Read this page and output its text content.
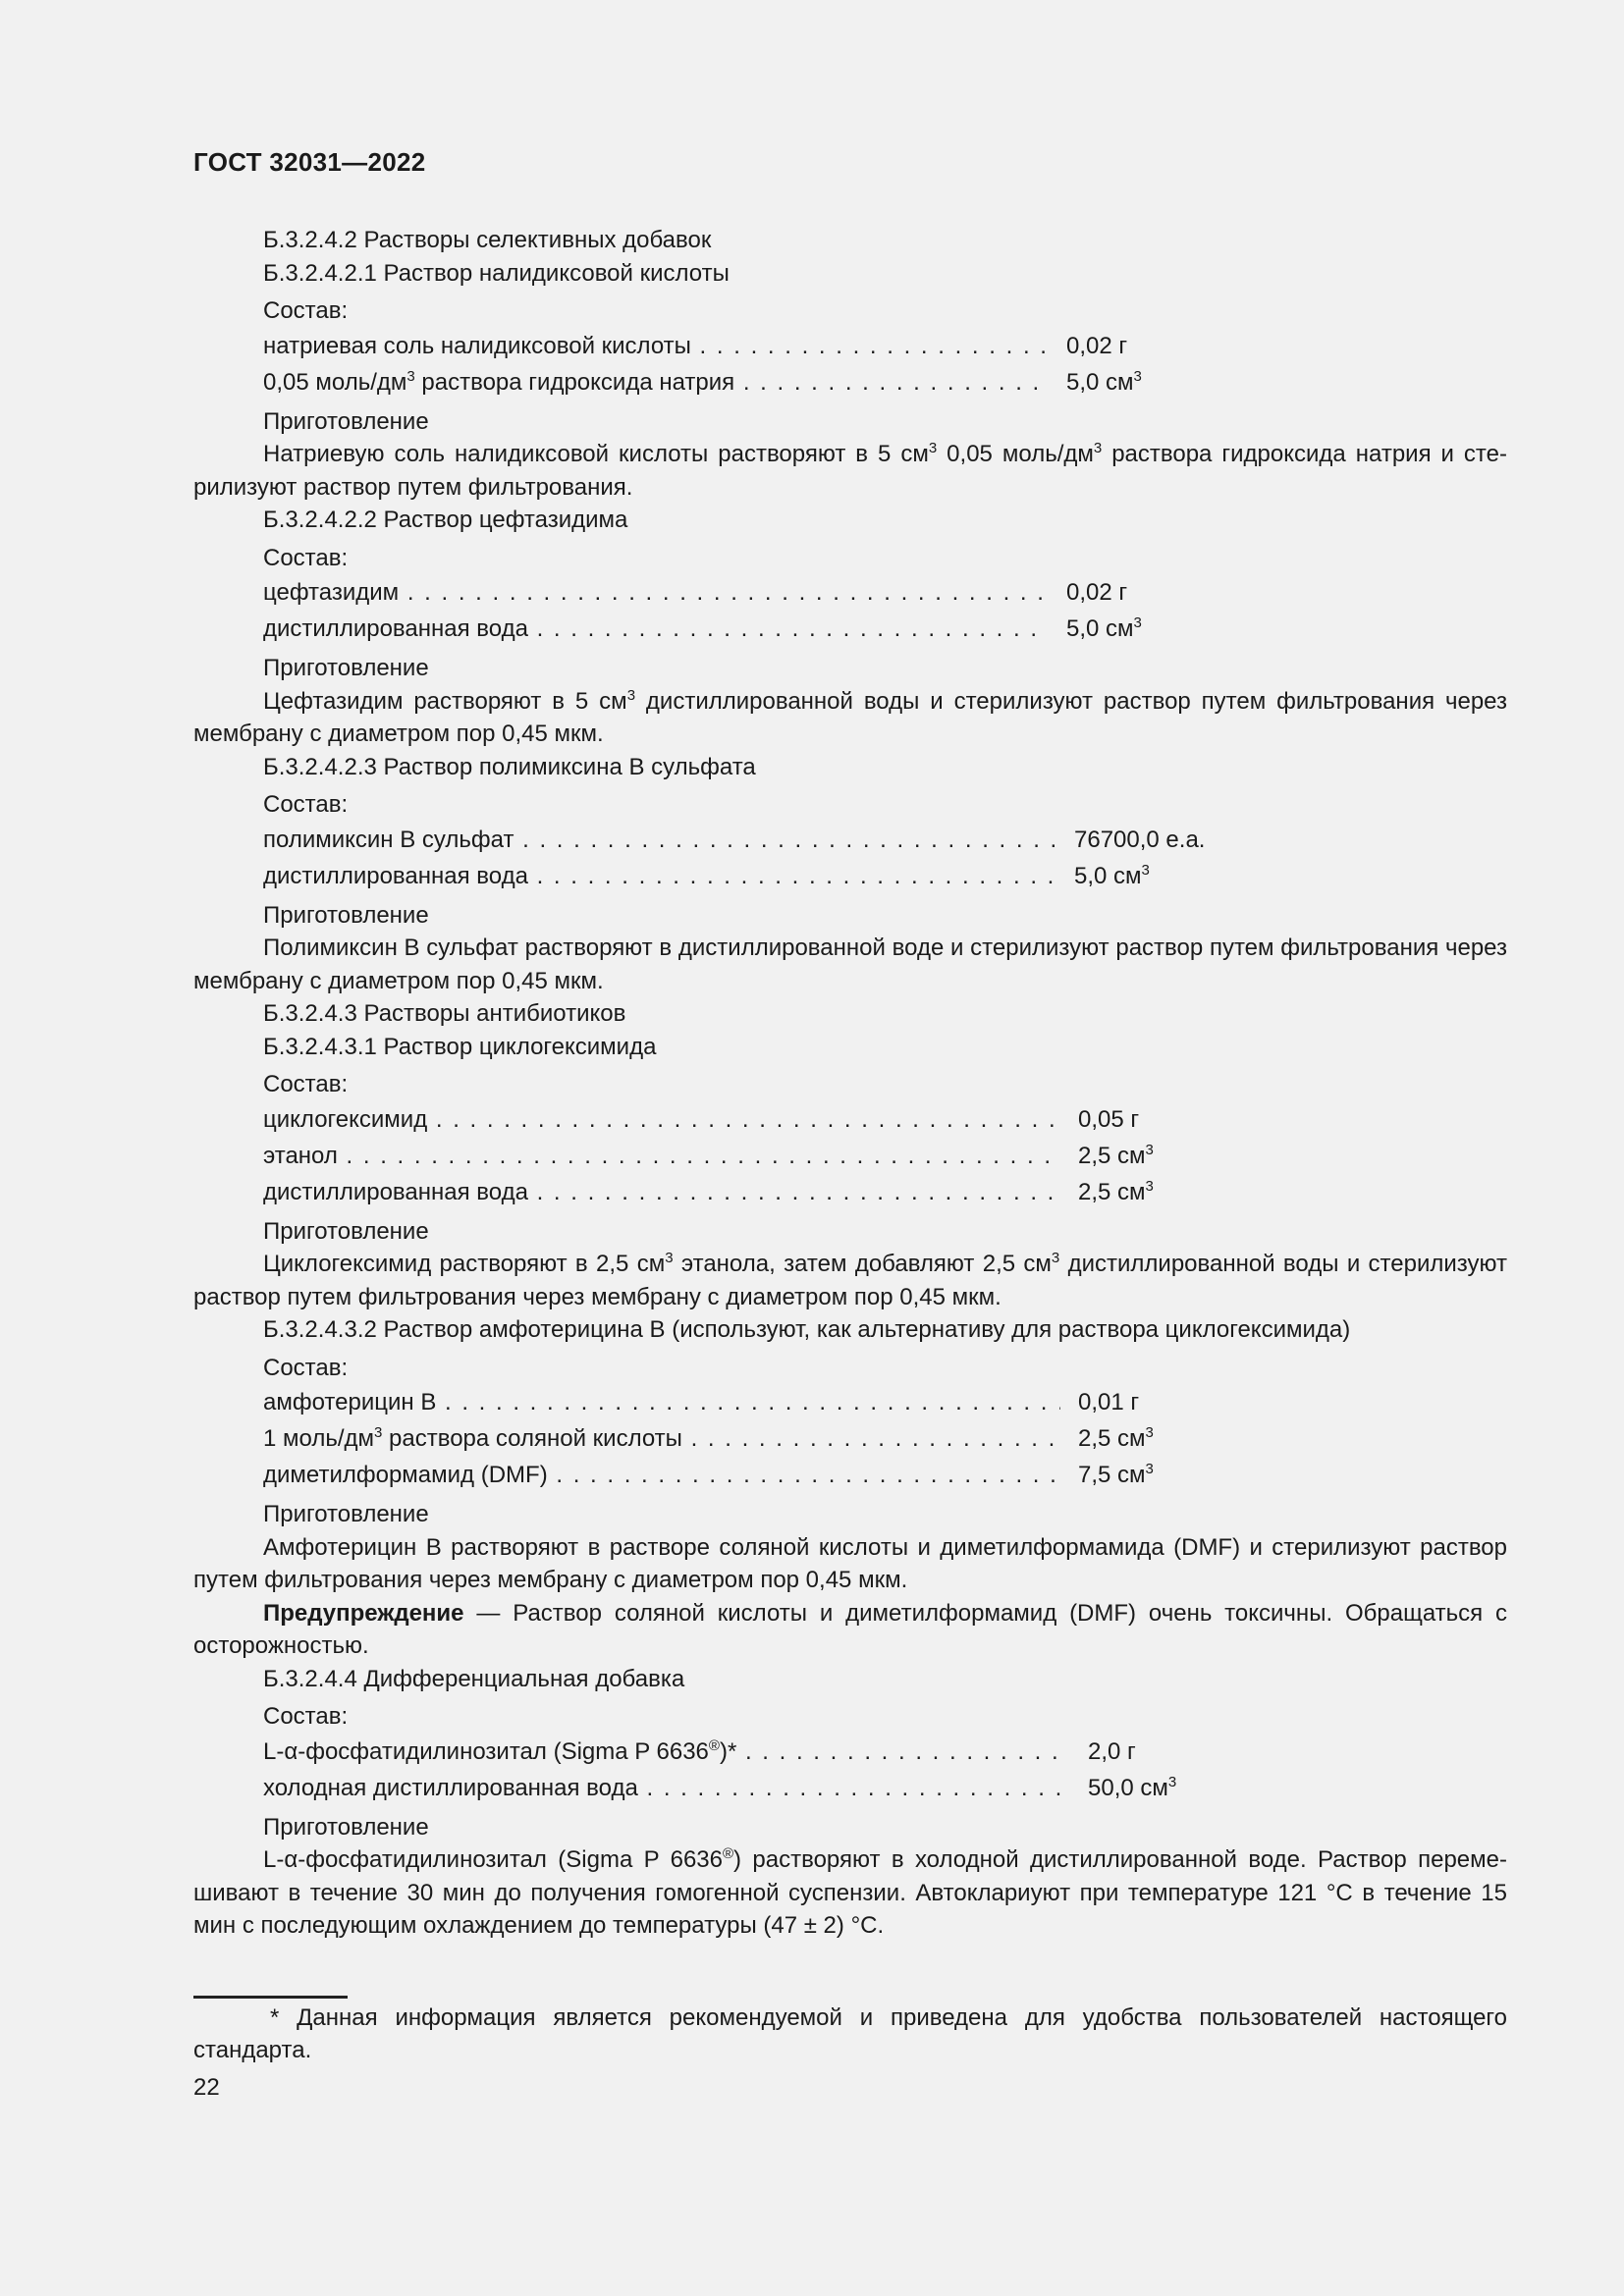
ГОСТ 32031—2022
Б.3.2.4.2 Растворы селективных добавок
Б.3.2.4.2.1 Раствор налидиксовой кислоты
Состав:
натриевая соль налидиксовой кислоты . . .	0,02 г
0,05 моль/$дм^3$ раствора гидроксида натрия . . .	5,0 $см^3$
Приготовление
Натриевую соль налидиксовой кислоты растворяют в 5 $см^3$ 0,05 моль/$дм^3$ раствора гидроксида натрия и стерилизуют раствор путем фильтрования.
Б.3.2.4.2.2 Раствор цефтазидима
Состав:
цефтазидим . . .	0,02 г
дистиллированная вода . . .	5,0 $см^3$
Приготовление
Цефтазидим растворяют в 5 $см^3$ дистиллированной воды и стерилизуют раствор путем фильтрования через мембрану с диаметром пор 0,45 мкм.
Б.3.2.4.2.3 Раствор полимиксина В сульфата
Состав:
полимиксин В сульфат . . .	76700,0 е.а.
дистиллированная вода . . .	5,0 $см^3$
Приготовление
Полимиксин В сульфат растворяют в дистиллированной воде и стерилизуют раствор путем фильтрования через мембрану с диаметром пор 0,45 мкм.
Б.3.2.4.3 Растворы антибиотиков
Б.3.2.4.3.1 Раствор циклогексимида
Состав:
циклогексимид . . .	0,05 г
этанол . . .	2,5 $см^3$
дистиллированная вода . . .	2,5 $см^3$
Приготовление
Циклогексимид растворяют в 2,5 $см^3$ этанола, затем добавляют 2,5 $см^3$ дистиллированной воды и стерилизуют раствор путем фильтрования через мембрану с диаметром пор 0,45 мкм.
Б.3.2.4.3.2 Раствор амфотерицина В (используют, как альтернативу для раствора циклогексимида)
Состав:
амфотерицин В . . .	0,01 г
1 моль/$дм^3$ раствора соляной кислоты . . .	2,5 $см^3$
диметилформамид (DMF) . . .	7,5 $см^3$
Приготовление
Амфотерицин В растворяют в растворе соляной кислоты и диметилформамида (DMF) и стерилизуют раствор путем фильтрования через мембрану с диаметром пор 0,45 мкм.
Предупреждение — Раствор соляной кислоты и диметилформамид (DMF) очень токсичны. Обращаться с осторожностью.
Б.3.2.4.4 Дифференциальная добавка
Состав:
L-α-фосфатидилинозитал (Sigma P 6636®)* . . .	2,0 г
холодная дистиллированная вода . . .	50,0 $см^3$
Приготовление
L-α-фосфатидилинозитал (Sigma P 6636®) растворяют в холодной дистиллированной воде. Раствор перемешивают в течение 30 мин до получения гомогенной суспензии. Автоклариуют при температуре 121 °С в течение 15 мин с последующим охлаждением до температуры (47 ± 2) °С.
* Данная информация является рекомендуемой и приведена для удобства пользователей настоящего стандарта.
22
